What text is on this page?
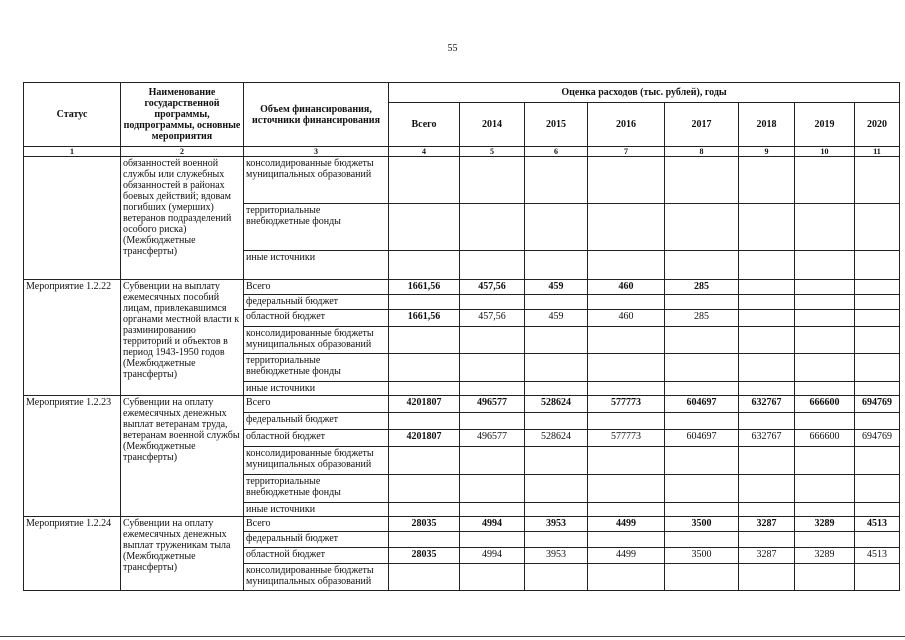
55
Статус	Наименование государственной программы, подпрограммы, основные мероприятия	Объем финансирования, источники финансирования	Оценка расходов (тыс. рублей), годы							
			Всего	2014	2015	2016	2017	2018	2019	2020
1	2	3	4	5	6	7	8	9	10	11
	обязанностей военной службы или служебных обязанностей в районах боевых действий; вдовам погибших (умерших) ветеранов подразделений особого риска) (Межбюджетные трансферты)	консолидированные бюджеты муниципальных образований								
		территориальные внебюджетные фонды								
		иные источники								
Мероприятие 1.2.22	Субвенции на выплату ежемесячных пособий лицам, привлекавшимся органами местной власти к разминированию территорий и объектов в период 1943-1950 годов (Межбюджетные трансферты)	Всего	1661,56	457,56	459	460	285			
		федеральный бюджет								
		областной бюджет	1661,56	457,56	459	460	285			
		консолидированные бюджеты муниципальных образований								
		территориальные внебюджетные фонды								
		иные источники								
Мероприятие 1.2.23	Субвенции на оплату ежемесячных денежных выплат ветеранам труда, ветеранам военной службы (Межбюджетные трансферты)	Всего	4201807	496577	528624	577773	604697	632767	666600	694769
		федеральный бюджет								
		областной бюджет	4201807	496577	528624	577773	604697	632767	666600	694769
		консолидированные бюджеты муниципальных образований								
		территориальные внебюджетные фонды								
		иные источники								
Мероприятие 1.2.24	Субвенции на оплату ежемесячных денежных выплат труженикам тыла (Межбюджетные трансферты)	Всего	28035	4994	3953	4499	3500	3287	3289	4513
		федеральный бюджет								
		областной бюджет	28035	4994	3953	4499	3500	3287	3289	4513
		консолидированные бюджеты муниципальных образований								
